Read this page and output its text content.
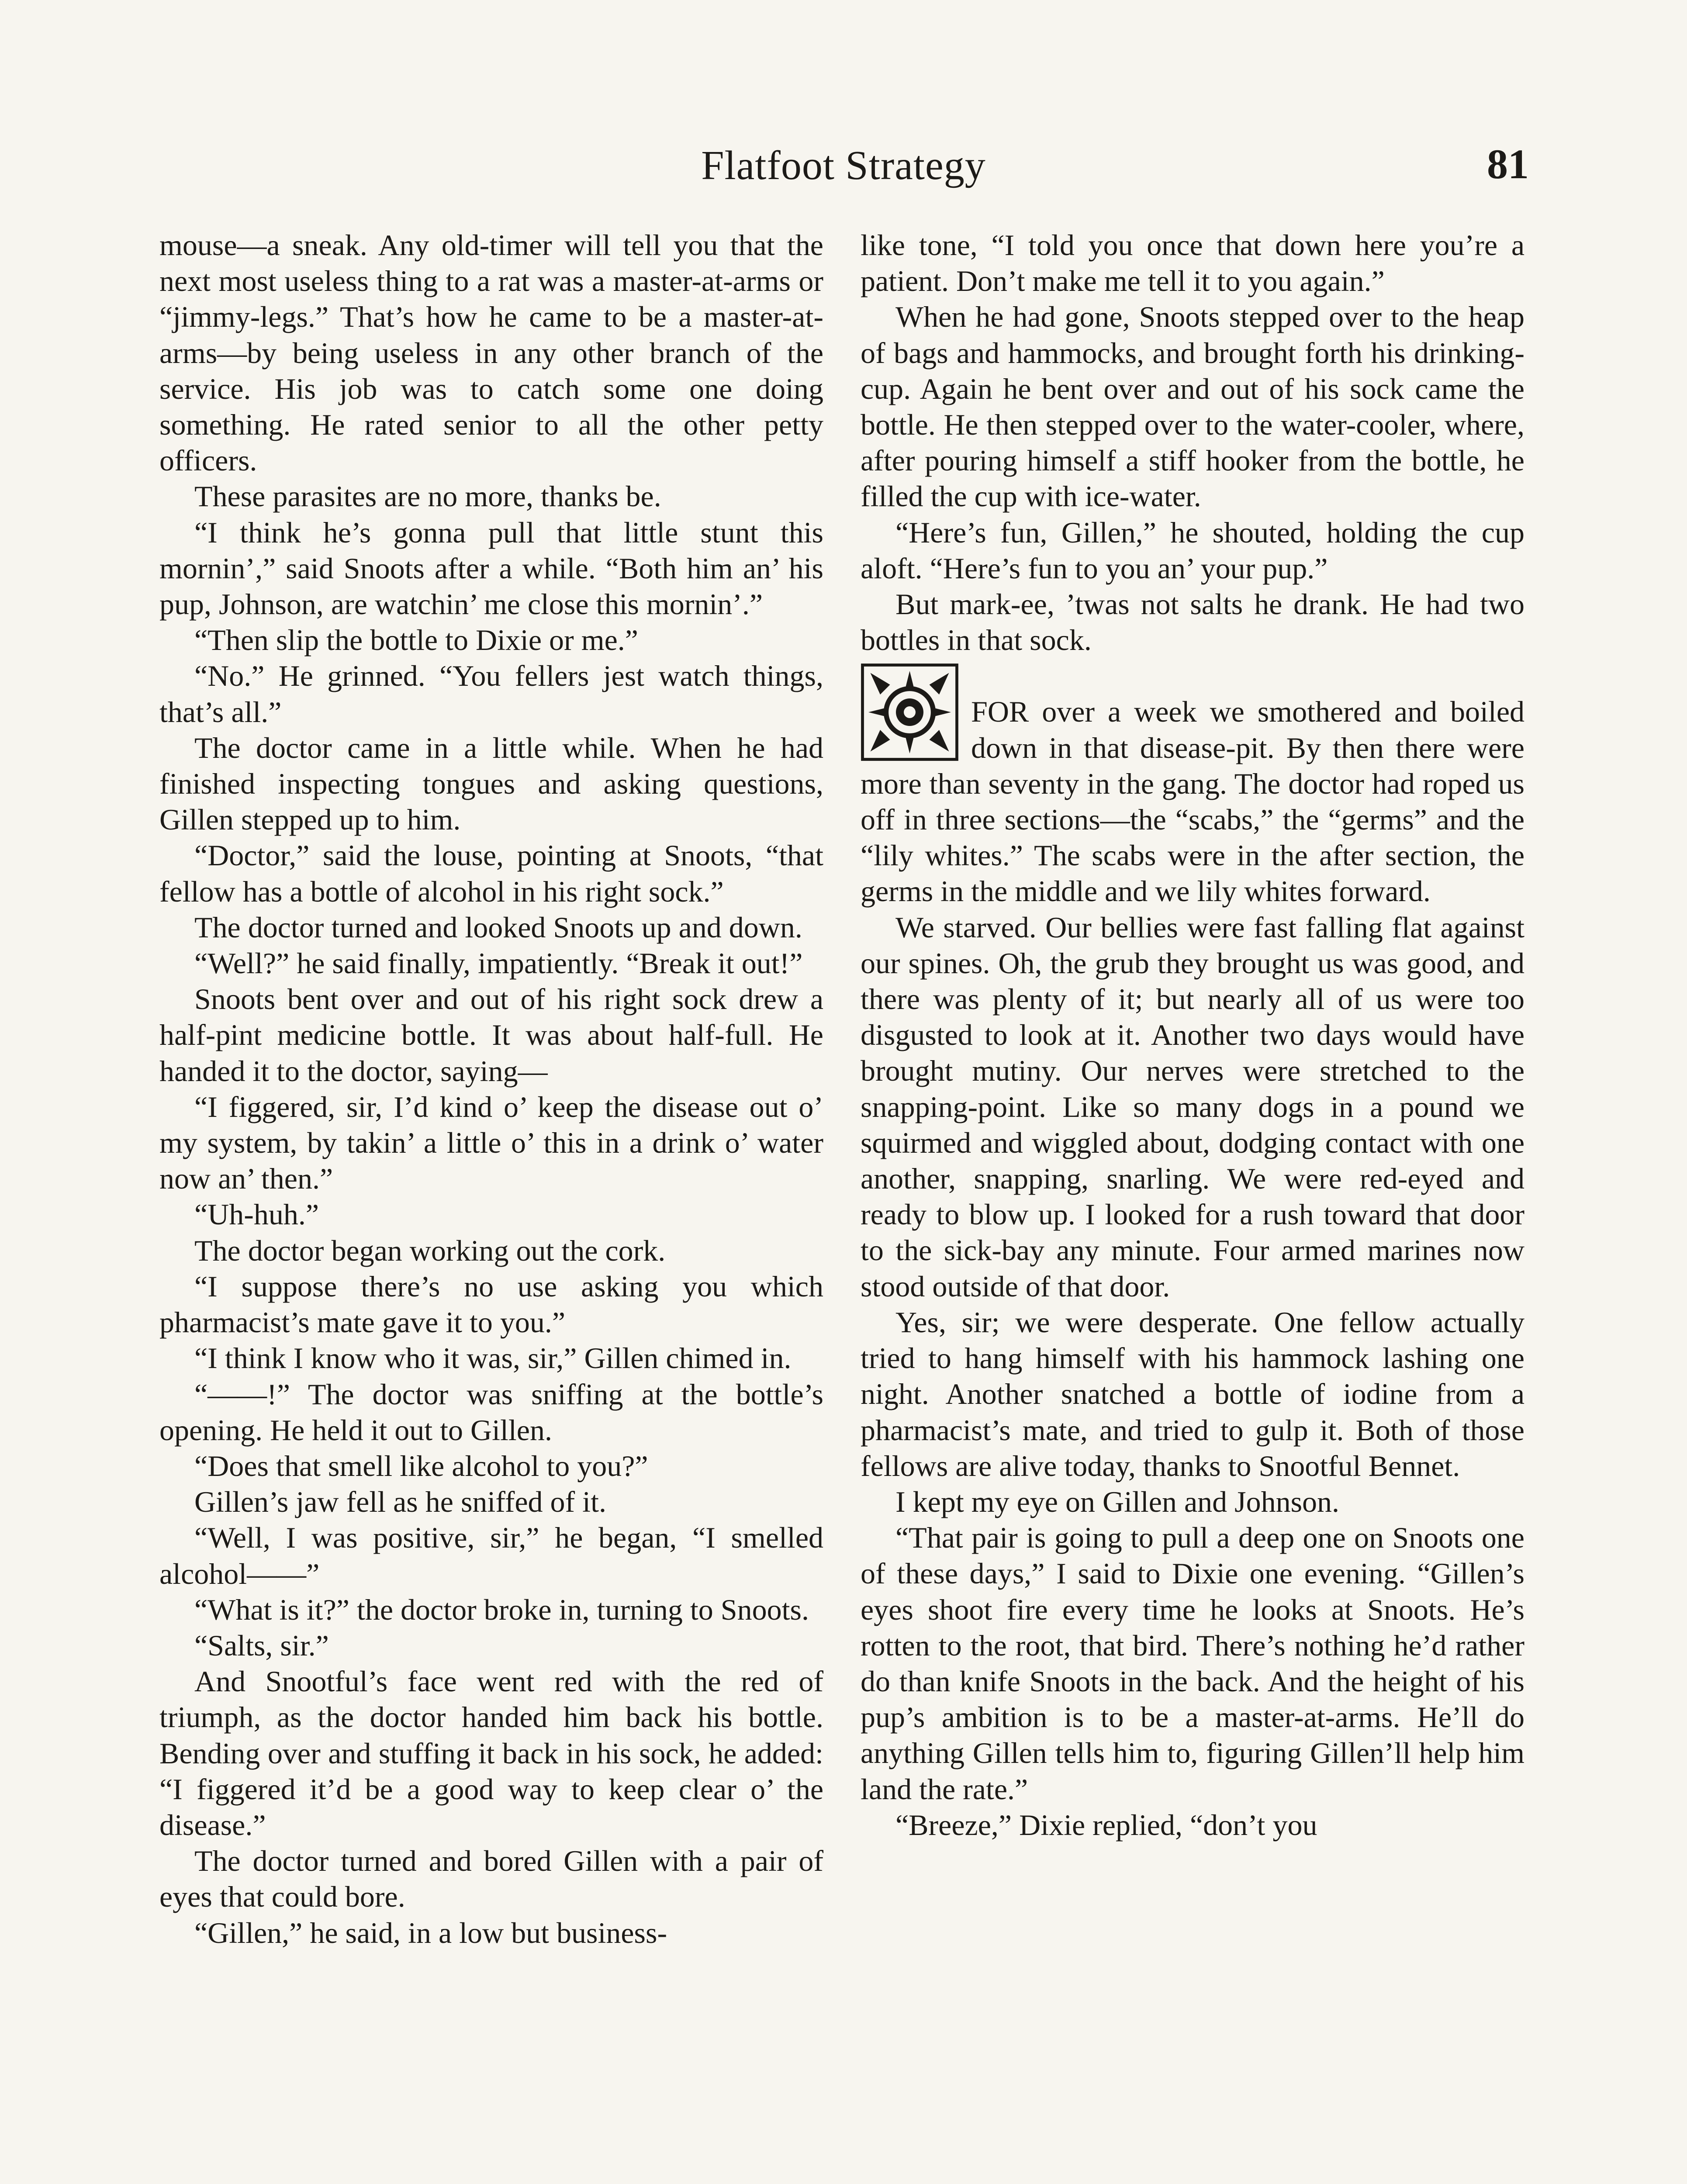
Flatfoot Strategy	81

mouse—a sneak. Any old-timer will tell you that the next most useless thing to a rat was a master-at-arms or “jimmy-legs.” That’s how he came to be a master-at-arms—by being useless in any other branch of the service. His job was to catch some one doing something. He rated senior to all the other petty officers.

These parasites are no more, thanks be.

“I think he’s gonna pull that little stunt this mornin’,” said Snoots after a while. “Both him an’ his pup, Johnson, are watchin’ me close this mornin’.”

“Then slip the bottle to Dixie or me.”

“No.” He grinned. “You fellers jest watch things, that’s all.”

The doctor came in a little while. When he had finished inspecting tongues and asking questions, Gillen stepped up to him.

“Doctor,” said the louse, pointing at Snoots, “that fellow has a bottle of alcohol in his right sock.”

The doctor turned and looked Snoots up and down.

“Well?” he said finally, impatiently. “Break it out!”

Snoots bent over and out of his right sock drew a half-pint medicine bottle. It was about half-full. He handed it to the doctor, saying—

“I figgered, sir, I’d kind o’ keep the disease out o’ my system, by takin’ a little o’ this in a drink o’ water now an’ then.”

“Uh-huh.”

The doctor began working out the cork.

“I suppose there’s no use asking you which pharmacist’s mate gave it to you.”

“I think I know who it was, sir,” Gillen chimed in.

“——!” The doctor was sniffing at the bottle’s opening. He held it out to Gillen.

“Does that smell like alcohol to you?”

Gillen’s jaw fell as he sniffed of it.

“Well, I was positive, sir,” he began, “I smelled alcohol——”

“What is it?” the doctor broke in, turning to Snoots.

“Salts, sir.”

And Snootful’s face went red with the red of triumph, as the doctor handed him back his bottle. Bending over and stuffing it back in his sock, he added: “I figgered it’d be a good way to keep clear o’ the disease.”

The doctor turned and bored Gillen with a pair of eyes that could bore.

“Gillen,” he said, in a low but business-

like tone, “I told you once that down here you’re a patient. Don’t make me tell it to you again.”

When he had gone, Snoots stepped over to the heap of bags and hammocks, and brought forth his drinking-cup. Again he bent over and out of his sock came the bottle. He then stepped over to the water-cooler, where, after pouring himself a stiff hooker from the bottle, he filled the cup with ice-water.

“Here’s fun, Gillen,” he shouted, holding the cup aloft. “Here’s fun to you an’ your pup.”

But mark-ee, ’twas not salts he drank. He had two bottles in that sock.

FOR over a week we smothered and boiled down in that disease-pit. By then there were more than seventy in the gang. The doctor had roped us off in three sections—the “scabs,” the “germs” and the “lily whites.” The scabs were in the after section, the germs in the middle and we lily whites forward.

We starved. Our bellies were fast falling flat against our spines. Oh, the grub they brought us was good, and there was plenty of it; but nearly all of us were too disgusted to look at it. Another two days would have brought mutiny. Our nerves were stretched to the snapping-point. Like so many dogs in a pound we squirmed and wiggled about, dodging contact with one another, snapping, snarling. We were red-eyed and ready to blow up. I looked for a rush toward that door to the sick-bay any minute. Four armed marines now stood outside of that door.

Yes, sir; we were desperate. One fellow actually tried to hang himself with his hammock lashing one night. Another snatched a bottle of iodine from a pharmacist’s mate, and tried to gulp it. Both of those fellows are alive today, thanks to Snootful Bennet.

I kept my eye on Gillen and Johnson.

“That pair is going to pull a deep one on Snoots one of these days,” I said to Dixie one evening. “Gillen’s eyes shoot fire every time he looks at Snoots. He’s rotten to the root, that bird. There’s nothing he’d rather do than knife Snoots in the back. And the height of his pup’s ambition is to be a master-at-arms. He’ll do anything Gillen tells him to, figuring Gillen’ll help him land the rate.”

“Breeze,” Dixie replied, “don’t you
